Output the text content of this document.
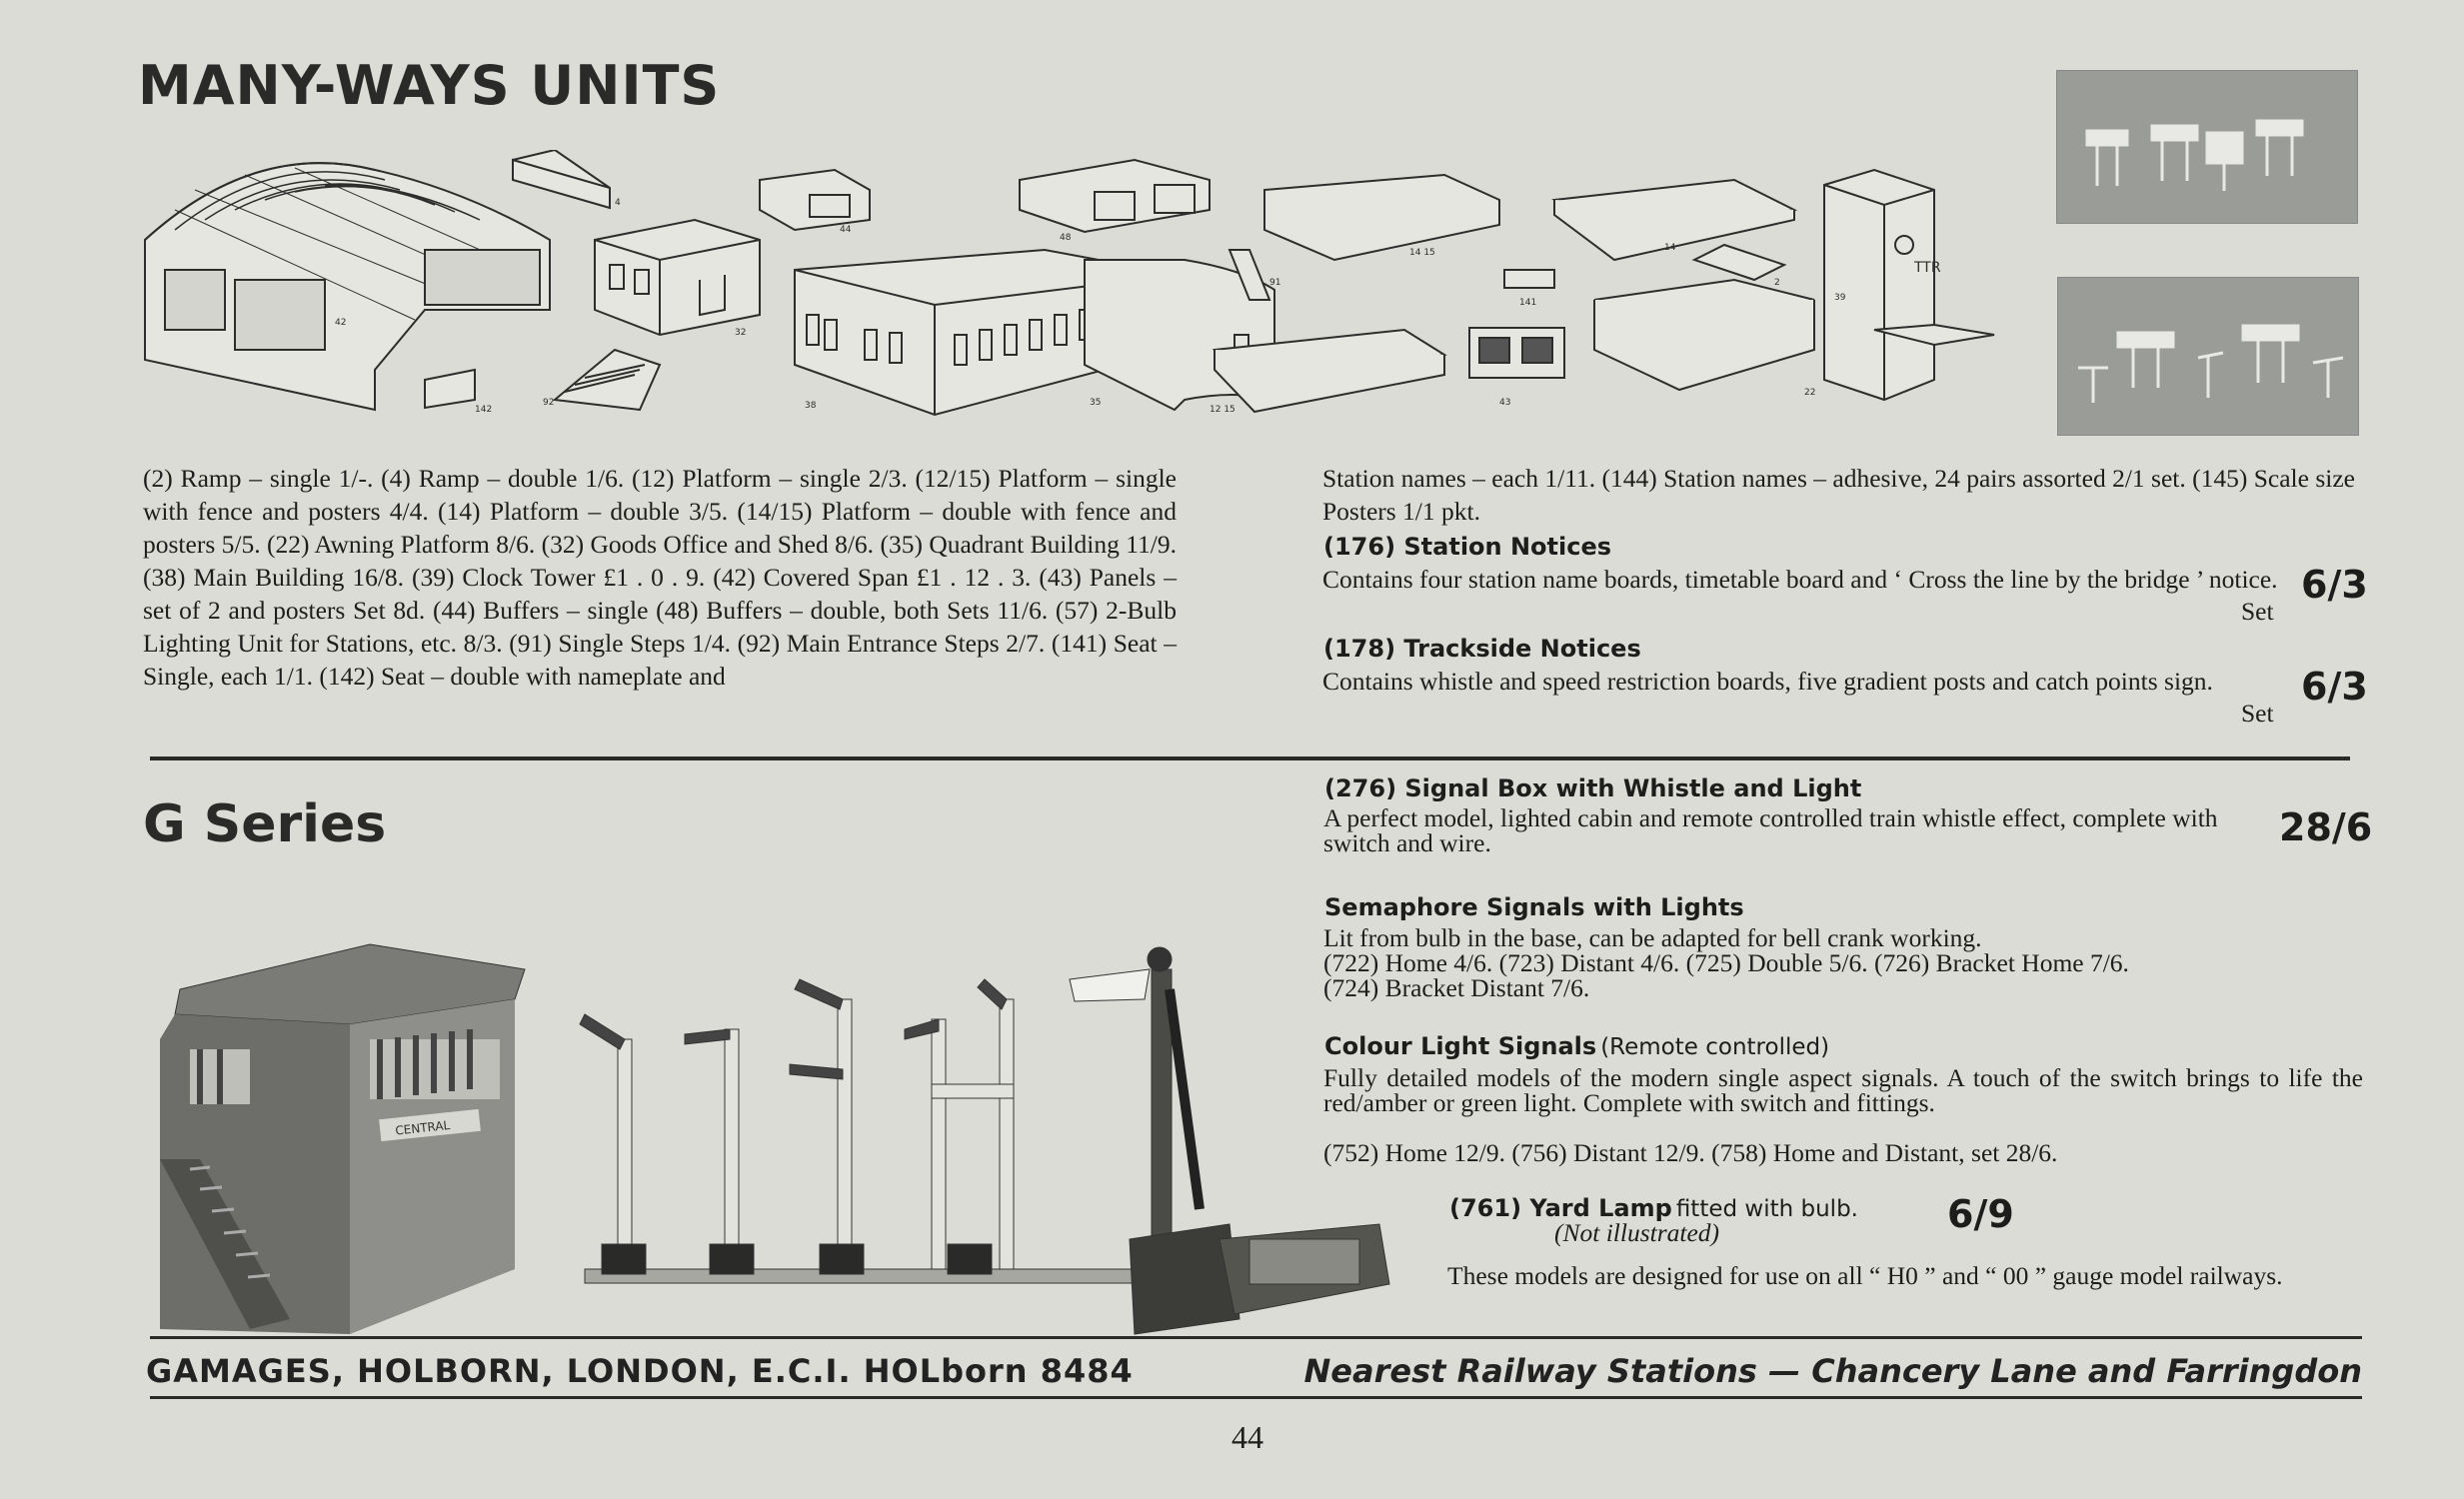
MANY-WAYS UNITS
4
44
48
14 15	14
42
32
142
92	38	35
91
12 15
141
43
2
39
22
TTR

(2) Ramp – single 1/-. (4) Ramp – double 1/6. (12) Platform – single 2/3. (12/15) Platform – single with fence and posters 4/4. (14) Platform – double 3/5. (14/15) Platform – double with fence and posters 5/5. (22) Awning Platform 8/6. (32) Goods Office and Shed 8/6. (35) Quadrant Building 11/9. (38) Main Building 16/8. (39) Clock Tower £1 . 0 . 9. (42) Covered Span £1 . 12 . 3. (43) Panels – set of 2 and posters Set 8d. (44) Buffers – single (48) Buffers – double, both Sets 11/6. (57) 2-Bulb Lighting Unit for Stations, etc. 8/3. (91) Single Steps 1/4. (92) Main Entrance Steps 2/7. (141) Seat – Single, each 1/1. (142) Seat – double with nameplate and

Station names – each 1/11. (144) Station names – adhesive, 24 pairs assorted 2/1 set. (145) Scale size Posters 1/1 pkt.

(176) Station Notices

Contains four station name boards, timetable board and ‘ Cross the line by the bridge ’ notice.

Set
6/3
(178) Trackside Notices

Contains whistle and speed restriction boards, five gradient posts and catch points sign.

Set
6/3
G Series
CENTRAL
(276) Signal Box with Whistle and Light

A perfect model, lighted cabin and remote controlled train whistle effect, complete with switch and wire.	28/6
Semaphore Signals with Lights

Lit from bulb in the base, can be adapted for bell crank working.

(722) Home 4/6. (723) Distant 4/6. (725) Double 5/6. (726) Bracket Home 7/6.

(724) Bracket Distant 7/6.

Colour Light Signals (Remote controlled)

Fully detailed models of the modern single aspect signals. A touch of the switch brings to life the red/amber or green light. Complete with switch and fittings.

(752) Home 12/9. (756) Distant 12/9. (758) Home and Distant, set 28/6.

(761) Yard Lamp fitted with bulb.
(Not illustrated)	6/9

These models are designed for use on all “ H0 ” and “ 00 ” gauge model railways.

GAMAGES, HOLBORN, LONDON, E.C.I. HOLborn 8484	Nearest Railway Stations — Chancery Lane and Farringdon
44
